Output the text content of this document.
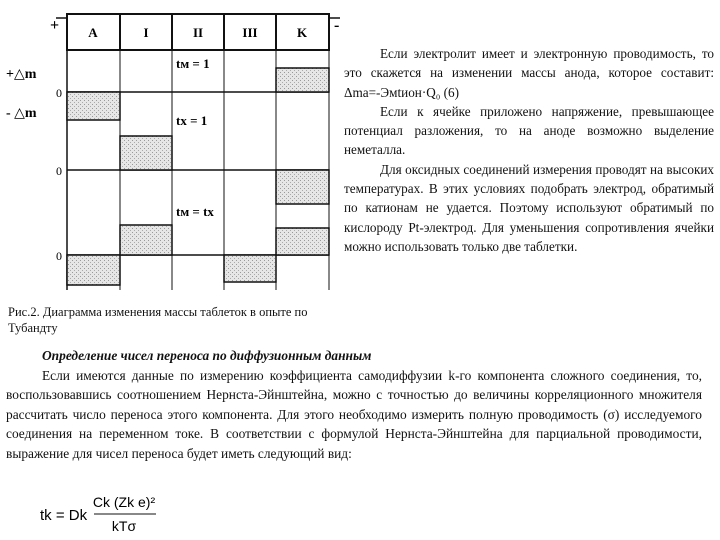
A	I	II	III	K
+	-
+△m
- △m
0
tм = 1
0
tx = 1
0
tм = tx

Если электролит имеет и электронную проводимость, то это скажется на изменении массы анода, которое составит: Δmа=-Эмtион·Q₀ (6)

Если к ячейке приложено напряжение, превышающее потенциал разложения, то на аноде возможно выделение неметалла.

Для оксидных соединений измерения проводят на высоких температурах. В этих условиях подобрать электрод, обратимый по катионам не удается. Поэтому используют обратимый по кислороду Pt-электрод. Для уменьшения сопротивления ячейки можно использовать только две таблетки.

Рис.2. Диаграмма изменения массы таблеток в опыте по Тубандту
Определение чисел переноса по диффузионным данным

Если имеются данные по измерению коэффициента самодиффузии k-го компонента сложного соединения, то, воспользовавшись соотношением Нернста-Эйнштейна, можно с точностью до величины корреляционного множителя рассчитать число переноса этого компонента. Для этого необходимо измерить полную проводимость (σ) исследуемого соединения на переменном токе. В соответствии с формулой Нернста-Эйнштейна для парциальной проводимости, выражение для чисел переноса будет иметь следующий вид:

tk = Dk
Ck (Zk e)²
kTσ
